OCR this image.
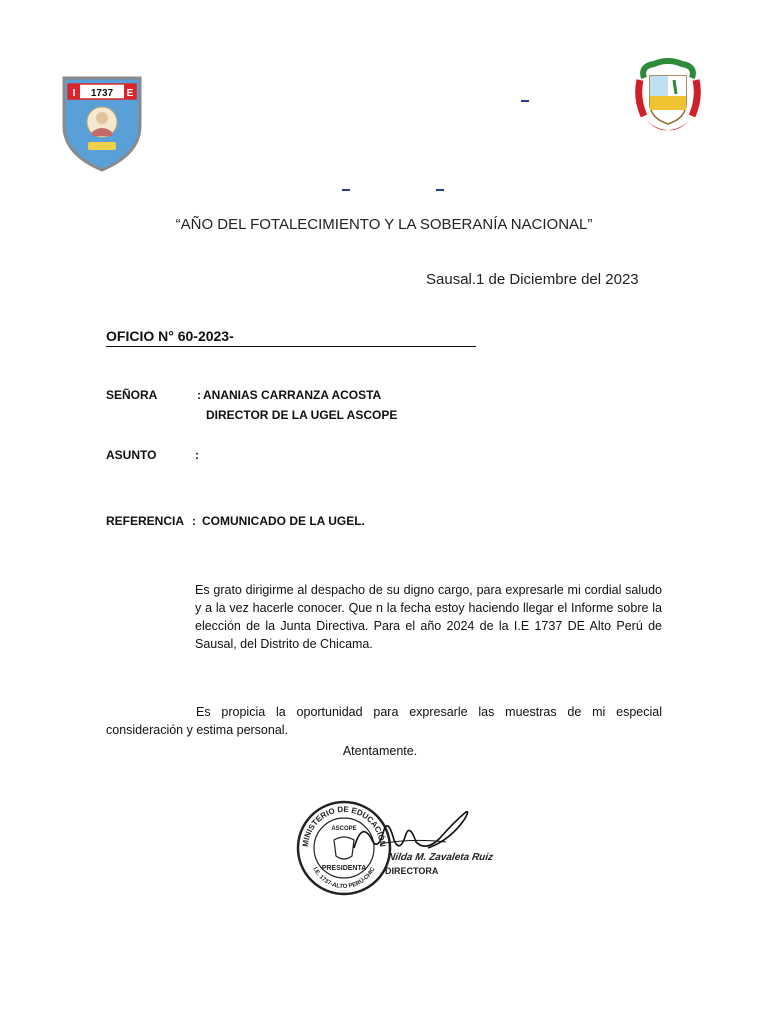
I	E
1737
“AÑO DEL FOTALECIMIENTO Y LA SOBERANÍA NACIONAL”
Sausal.1 de Diciembre del 2023
OFICIO N° 60-2023-
SEÑORA	: ANANIAS CARRANZA ACOSTA
DIRECTOR DE LA UGEL ASCOPE
ASUNTO	:
REFERENCIA : COMUNICADO DE LA UGEL.
Es grato dirigirme al despacho de su digno cargo, para expresarle mi cordial saludo y a la vez hacerle conocer. Que n la fecha estoy haciendo llegar el Informe sobre la elección de la Junta Directiva. Para el año 2024 de la I.E 1737 DE Alto Perú de Sausal, del Distrito de Chicama.
Es propicia la oportunidad para expresarle las muestras de mi especial consideración y estima personal.
Atentamente.
MINISTERIO DE EDUCACIÓN
I.E. 1737-ALTO PERÚ-CHIC
ASCOPE
PRESIDENTA
Nilda M. Zavaleta Ruiz
DIRECTORA
